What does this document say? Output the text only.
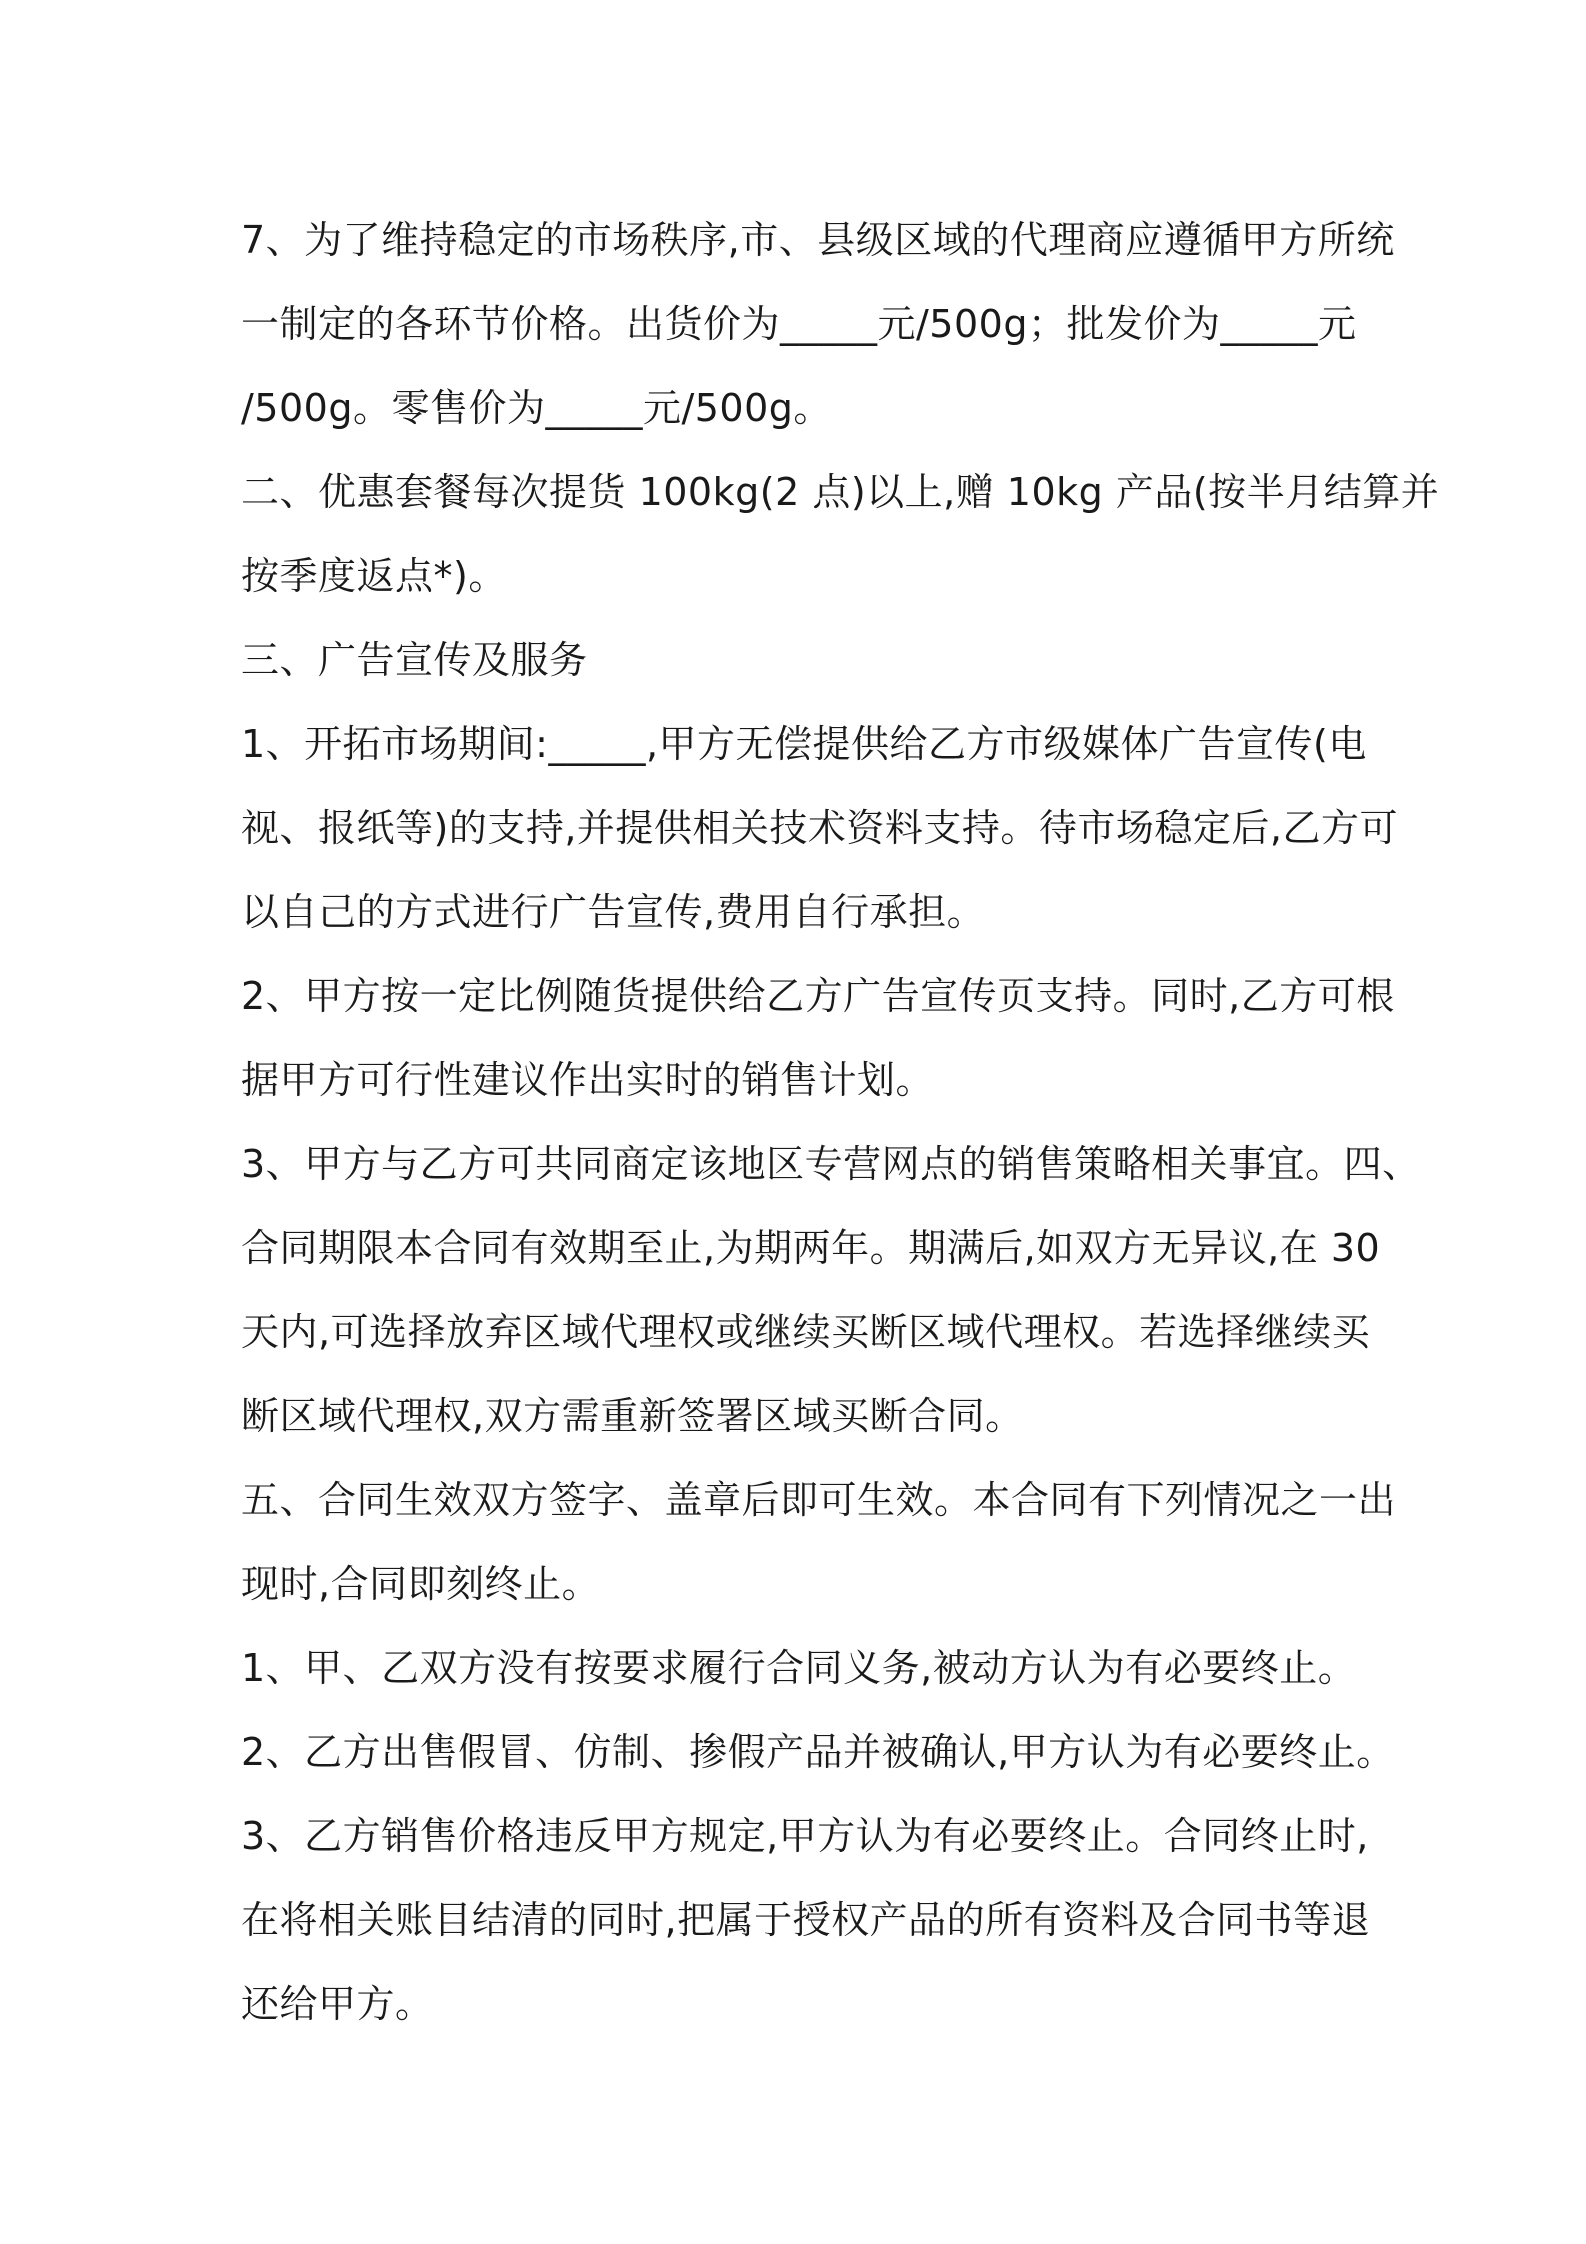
7、为了维持稳定的市场秩序,市、县级区域的代理商应遵循甲方所统
一制定的各环节价格。出货价为_____元/500g；批发价为_____元
/500g。零售价为_____元/500g。
二、优惠套餐每次提货 100kg(2 点)以上,赠 10kg 产品(按半月结算并
按季度返点*)。
三、广告宣传及服务
1、开拓市场期间:_____,甲方无偿提供给乙方市级媒体广告宣传(电
视、报纸等)的支持,并提供相关技术资料支持。待市场稳定后,乙方可
以自己的方式进行广告宣传,费用自行承担。
2、甲方按一定比例随货提供给乙方广告宣传页支持。同时,乙方可根
据甲方可行性建议作出实时的销售计划。
3、甲方与乙方可共同商定该地区专营网点的销售策略相关事宜。四、
合同期限本合同有效期至止,为期两年。期满后,如双方无异议,在 30
天内,可选择放弃区域代理权或继续买断区域代理权。若选择继续买
断区域代理权,双方需重新签署区域买断合同。
五、合同生效双方签字、盖章后即可生效。本合同有下列情况之一出
现时,合同即刻终止。
1、甲、乙双方没有按要求履行合同义务,被动方认为有必要终止。
2、乙方出售假冒、仿制、掺假产品并被确认,甲方认为有必要终止。
3、乙方销售价格违反甲方规定,甲方认为有必要终止。合同终止时,
在将相关账目结清的同时,把属于授权产品的所有资料及合同书等退
还给甲方。
